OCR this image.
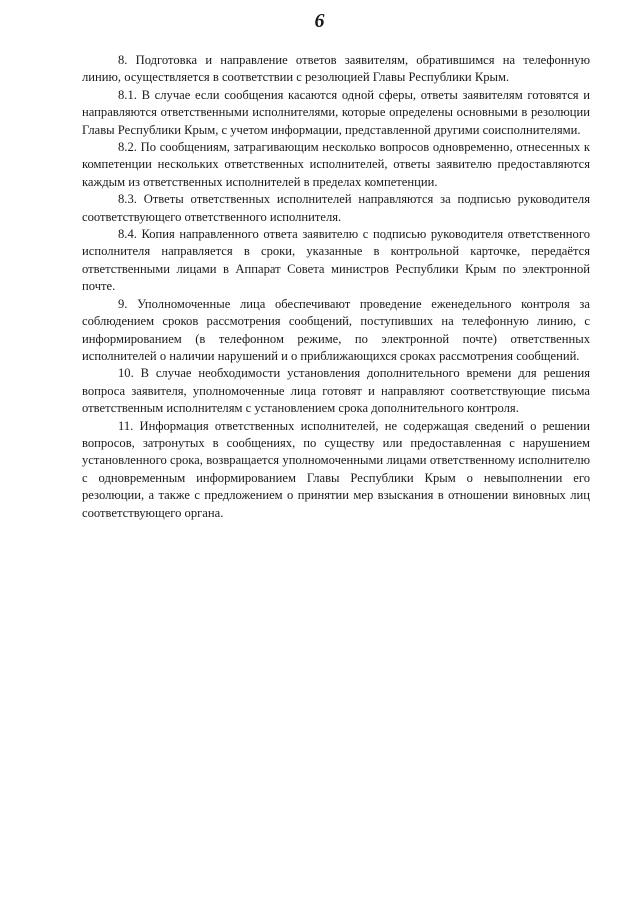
6

8. Подготовка и направление ответов заявителям, обратившимся на телефонную линию, осуществляется в соответствии с резолюцией Главы Республики Крым.

8.1. В случае если сообщения касаются одной сферы, ответы заявителям готовятся и направляются ответственными исполнителями, которые определены основными в резолюции Главы Республики Крым, с учетом информации, представленной другими соисполнителями.

8.2. По сообщениям, затрагивающим несколько вопросов одновременно, отнесенных к компетенции нескольких ответственных исполнителей, ответы заявителю предоставляются каждым из ответственных исполнителей в пределах компетенции.

8.3. Ответы ответственных исполнителей направляются за подписью руководителя соответствующего ответственного исполнителя.

8.4. Копия направленного ответа заявителю с подписью руководителя ответственного исполнителя направляется в сроки, указанные в контрольной карточке, передаётся ответственными лицами в Аппарат Совета министров Республики Крым по электронной почте.

9. Уполномоченные лица обеспечивают проведение еженедельного контроля за соблюдением сроков рассмотрения сообщений, поступивших на телефонную линию, с информированием (в телефонном режиме, по электронной почте) ответственных исполнителей о наличии нарушений и о приближающихся сроках рассмотрения сообщений.

10. В случае необходимости установления дополнительного времени для решения вопроса заявителя, уполномоченные лица готовят и направляют соответствующие письма ответственным исполнителям с установлением срока дополнительного контроля.

11. Информация ответственных исполнителей, не содержащая сведений о решении вопросов, затронутых в сообщениях, по существу или предоставленная с нарушением установленного срока, возвращается уполномоченными лицами ответственному исполнителю с одновременным информированием Главы Республики Крым о невыполнении его резолюции, а также с предложением о принятии мер взыскания в отношении виновных лиц соответствующего органа.
